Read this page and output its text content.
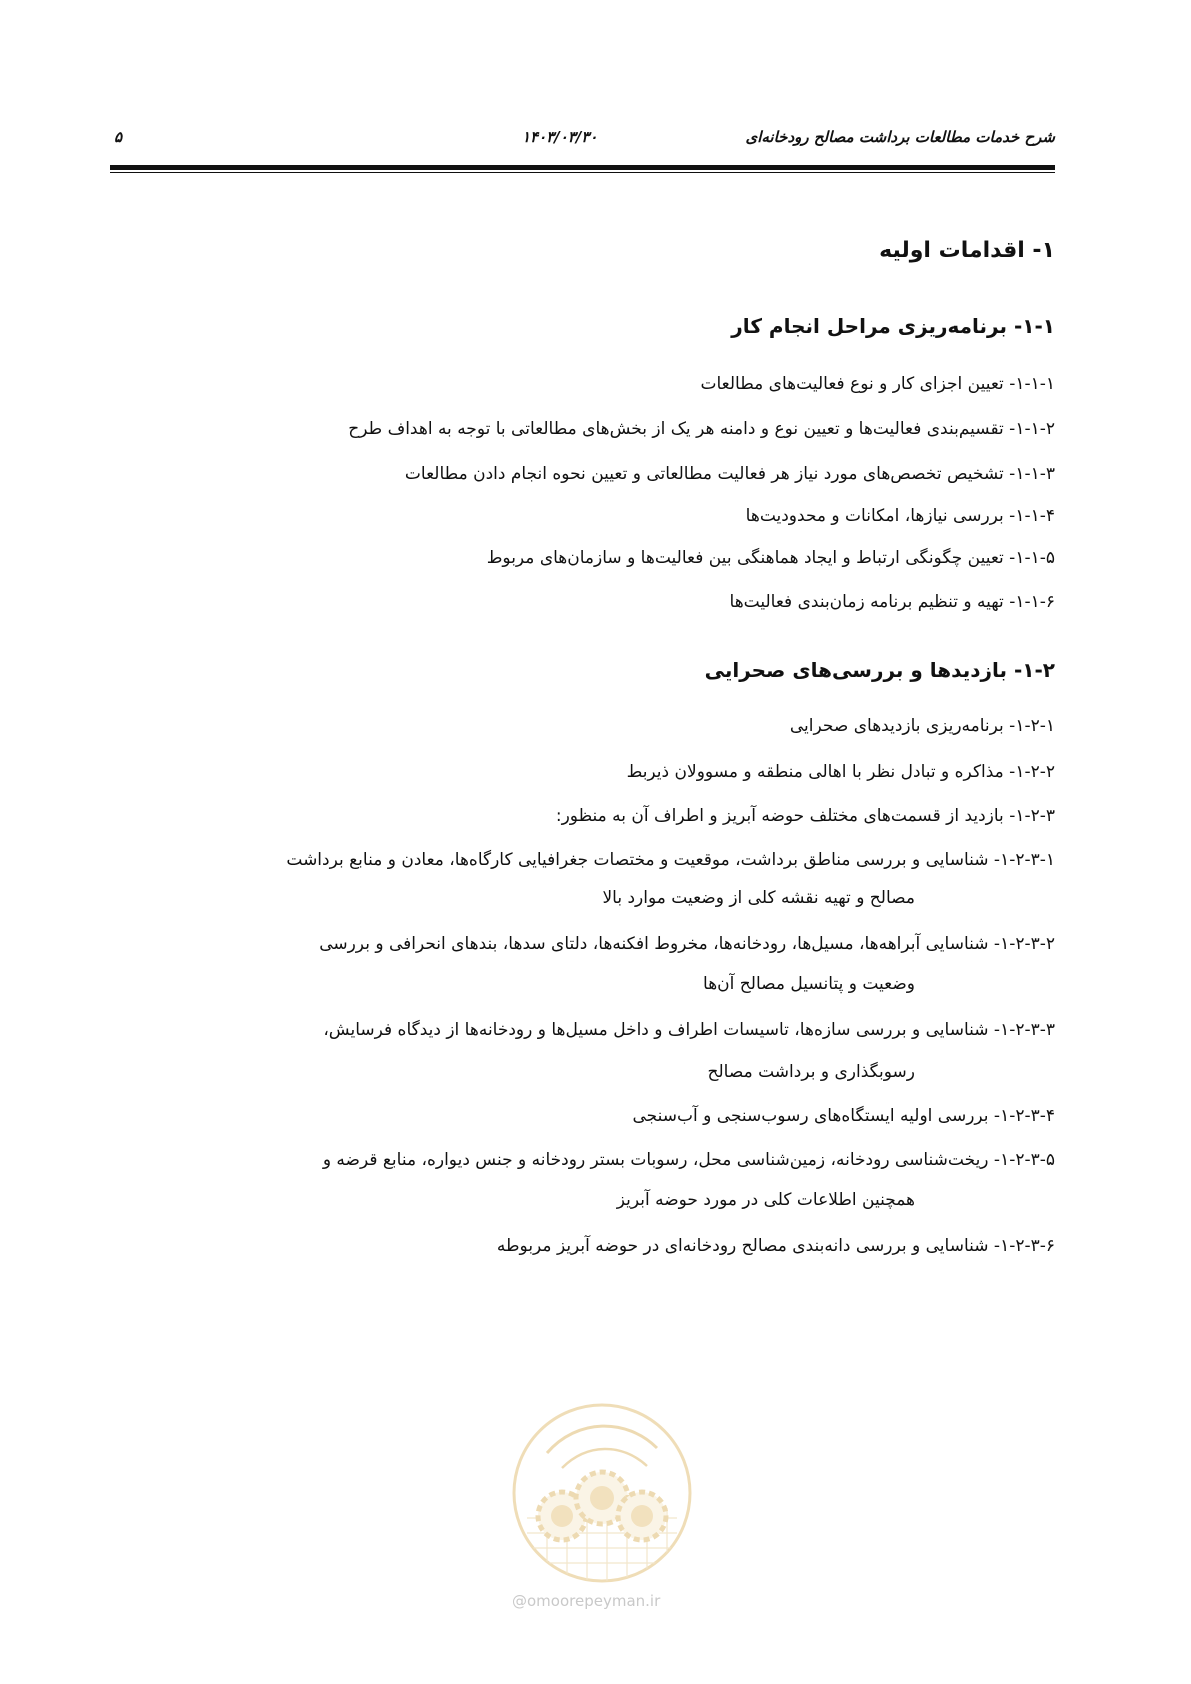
شرح خدمات مطالعات برداشت مصالح رودخانه‌ای
۱۴۰۳/۰۳/۳۰
۵
۱- اقدامات اولیه
۱-۱- برنامه‌ریزی مراحل انجام کار
۱-۱-۱- تعیین اجزای کار و نوع فعالیت‌های مطالعات
۱-۱-۲- تقسیم‌بندی فعالیت‌ها و تعیین نوع و دامنه هر یک از بخش‌های مطالعاتی با توجه به اهداف طرح
۱-۱-۳- تشخیص تخصص‌های مورد نیاز هر فعالیت مطالعاتی و تعیین نحوه انجام دادن مطالعات
۱-۱-۴- بررسی نیازها، امکانات و محدودیت‌ها
۱-۱-۵- تعیین چگونگی ارتباط و ایجاد هماهنگی بین فعالیت‌ها و سازمان‌های مربوط
۱-۱-۶- تهیه و تنظیم برنامه زمان‌بندی فعالیت‌ها
۱-۲- بازدیدها و بررسی‌های صحرایی
۱-۲-۱- برنامه‌ریزی بازدیدهای صحرایی
۱-۲-۲- مذاکره و تبادل نظر با اهالی منطقه و مسوولان ذیربط
۱-۲-۳- بازدید از قسمت‌های مختلف حوضه آبریز و اطراف آن به منظور:
۱-۲-۳-۱- شناسایی و بررسی مناطق برداشت، موقعیت و مختصات جغرافیایی کارگاه‌ها، معادن و منابع برداشت
مصالح و تهیه نقشه کلی از وضعیت موارد بالا
۱-۲-۳-۲- شناسایی آبراهه‌ها، مسیل‌ها، رودخانه‌ها، مخروط افکنه‌ها، دلتای سدها، بندهای انحرافی و بررسی
وضعیت و پتانسیل مصالح آن‌ها
۱-۲-۳-۳- شناسایی و بررسی سازه‌ها، تاسیسات اطراف و داخل مسیل‌ها و رودخانه‌ها از دیدگاه فرسایش،
رسوبگذاری و برداشت مصالح
۱-۲-۳-۴- بررسی اولیه ایستگاه‌های رسوب‌سنجی و آب‌سنجی
۱-۲-۳-۵- ریخت‌شناسی رودخانه، زمین‌شناسی محل، رسوبات بستر رودخانه و جنس دیواره، منابع قرضه و
همچنین اطلاعات کلی در مورد حوضه آبریز
۱-۲-۳-۶- شناسایی و بررسی دانه‌بندی مصالح رودخانه‌ای در حوضه آبریز مربوطه
@omoorepeyman.ir
